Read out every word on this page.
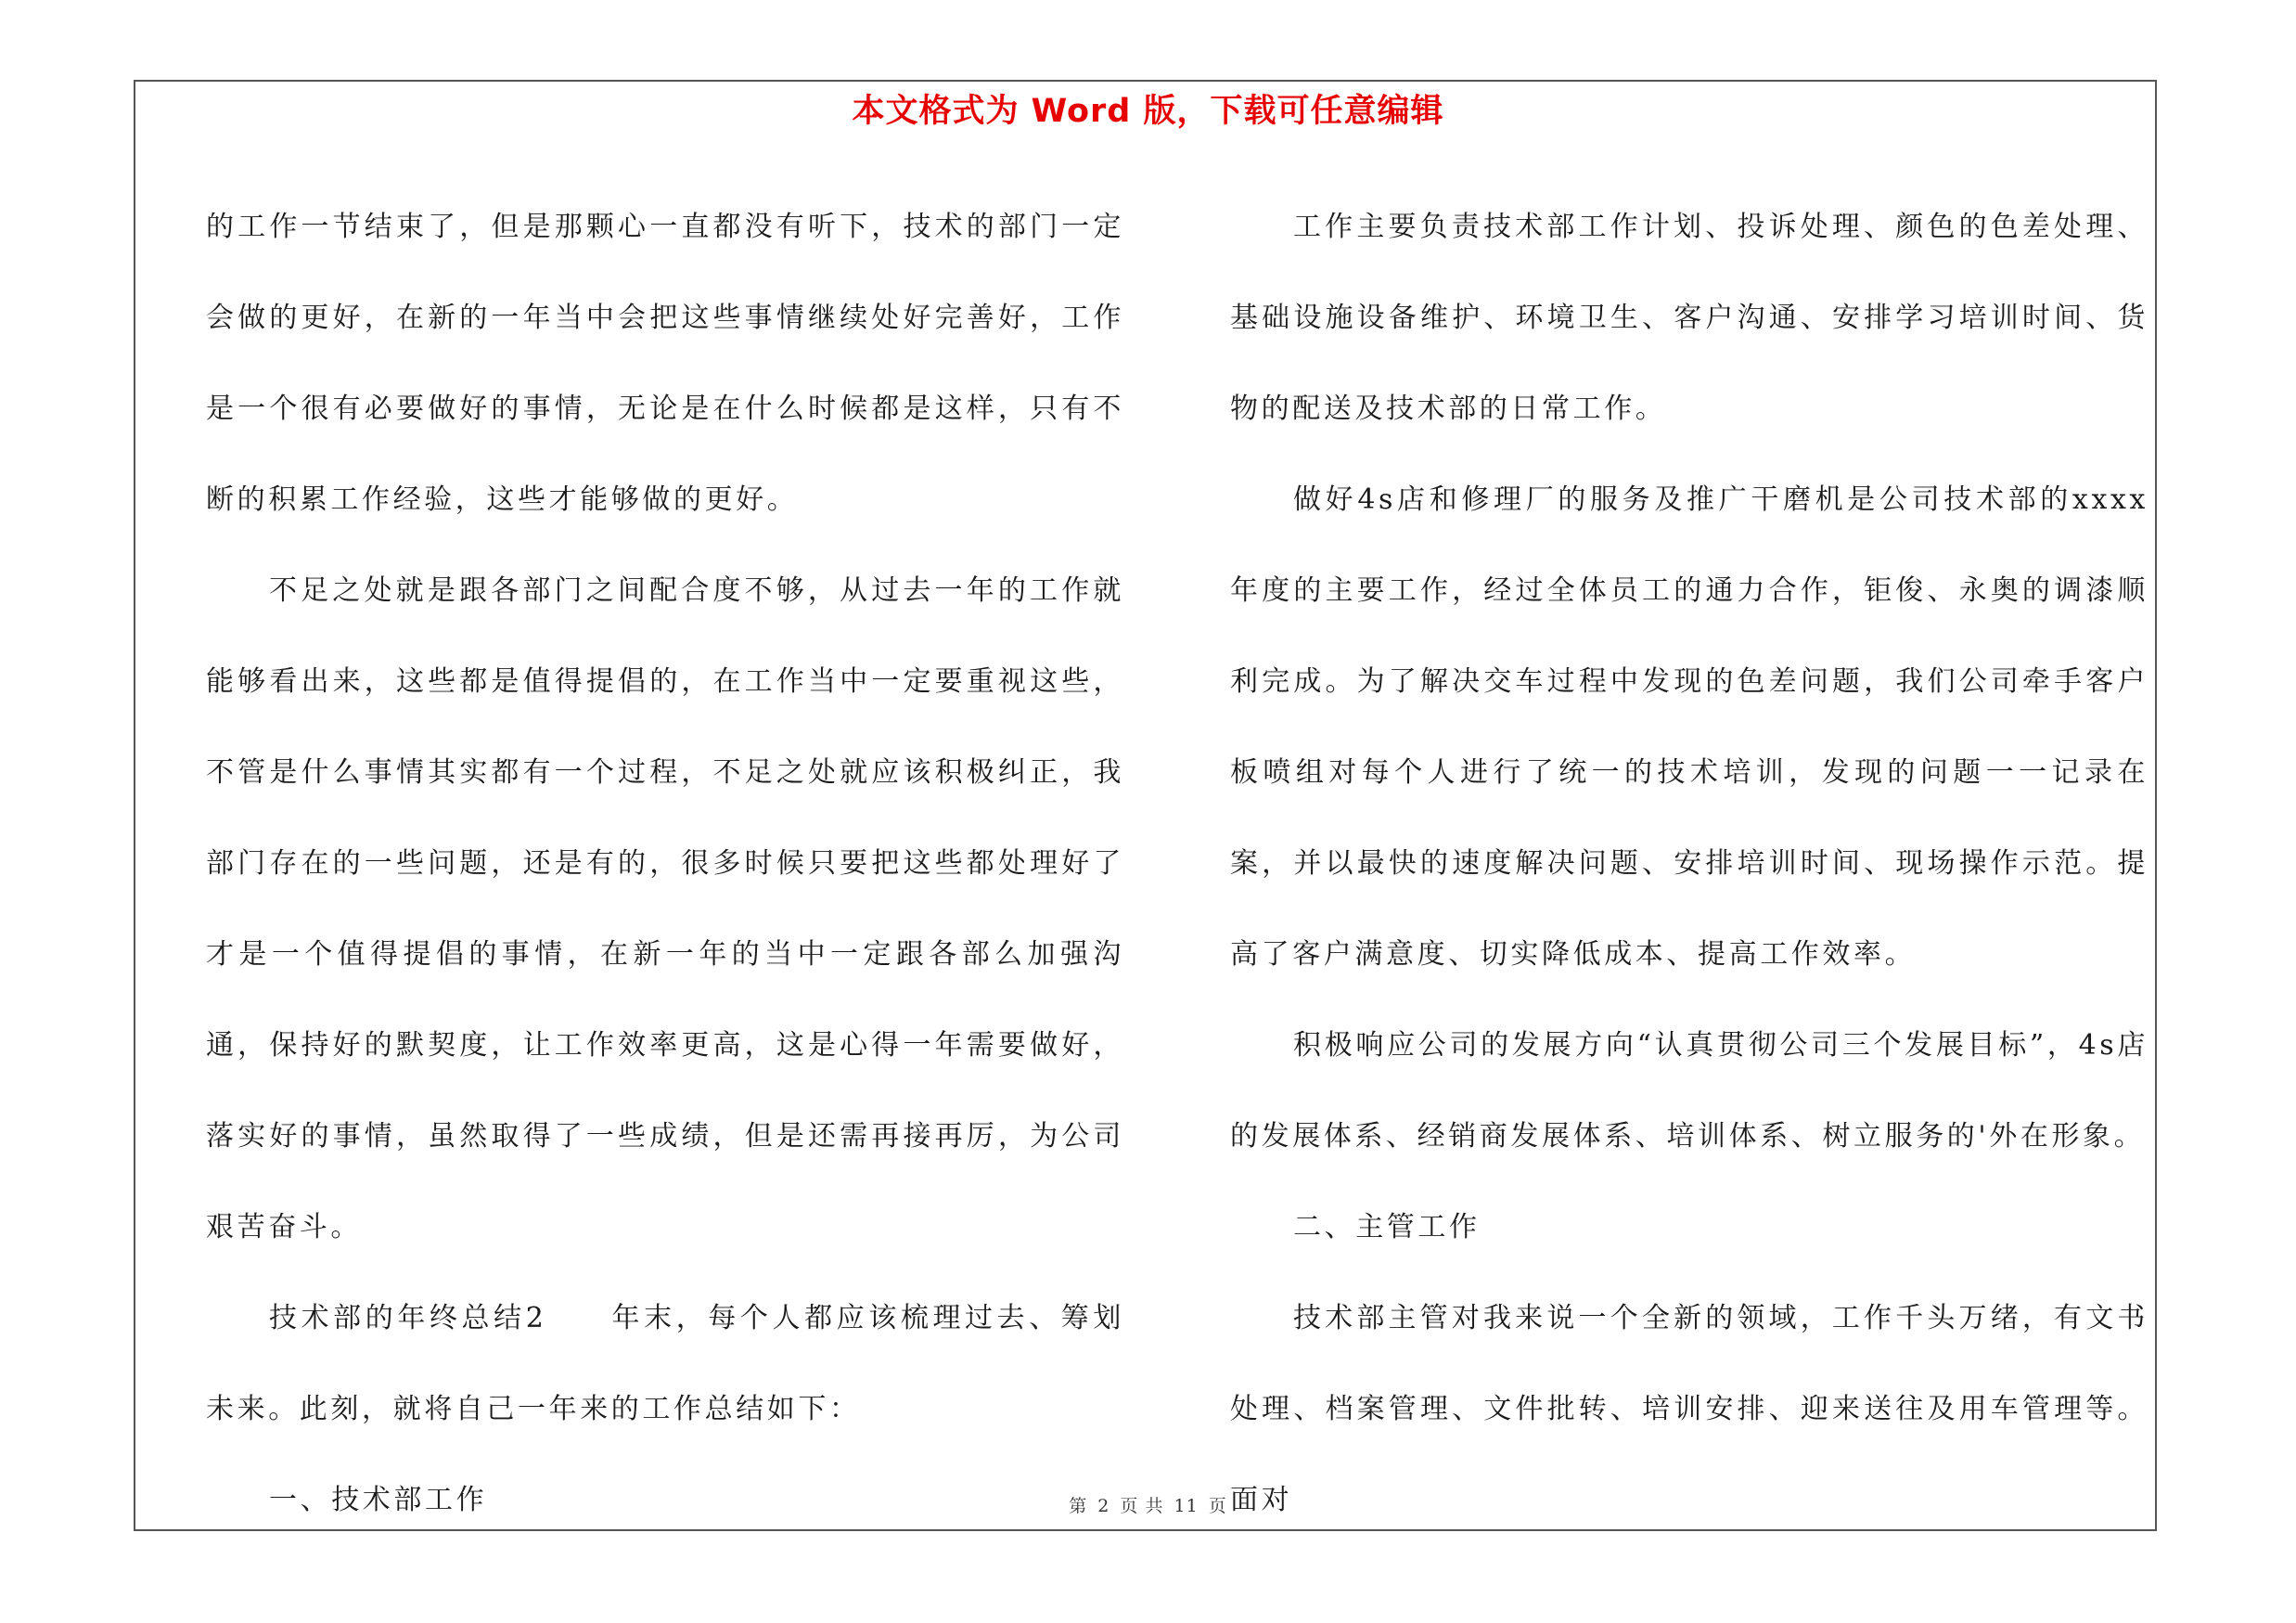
本文格式为 Word 版，下载可任意编辑

的工作一节结束了，但是那颗心一直都没有听下，技术的部门一定会做的更好，在新的一年当中会把这些事情继续处好完善好，工作是一个很有必要做好的事情，无论是在什么时候都是这样，只有不断的积累工作经验，这些才能够做的更好。

不足之处就是跟各部门之间配合度不够，从过去一年的工作就能够看出来，这些都是值得提倡的，在工作当中一定要重视这些，不管是什么事情其实都有一个过程，不足之处就应该积极纠正，我部门存在的一些问题，还是有的，很多时候只要把这些都处理好了才是一个值得提倡的事情，在新一年的当中一定跟各部么加强沟通，保持好的默契度，让工作效率更高，这是心得一年需要做好，落实好的事情，虽然取得了一些成绩，但是还需再接再厉，为公司艰苦奋斗。

技术部的年终总结2　　年末，每个人都应该梳理过去、筹划未来。此刻，就将自己一年来的工作总结如下：

一、技术部工作

工作主要负责技术部工作计划、投诉处理、颜色的色差处理、基础设施设备维护、环境卫生、客户沟通、安排学习培训时间、货物的配送及技术部的日常工作。

做好4s店和修理厂的服务及推广干磨机是公司技术部的xxxx年度的主要工作，经过全体员工的通力合作，钜俊、永奥的调漆顺利完成。为了解决交车过程中发现的色差问题，我们公司牵手客户板喷组对每个人进行了统一的技术培训，发现的问题一一记录在案，并以最快的速度解决问题、安排培训时间、现场操作示范。提高了客户满意度、切实降低成本、提高工作效率。

积极响应公司的发展方向“认真贯彻公司三个发展目标”，4s店的发展体系、经销商发展体系、培训体系、树立服务的'外在形象。

二、主管工作

技术部主管对我来说一个全新的领域，工作千头万绪，有文书处理、档案管理、文件批转、培训安排、迎来送往及用车管理等。面对

第 2 页 共 11 页
